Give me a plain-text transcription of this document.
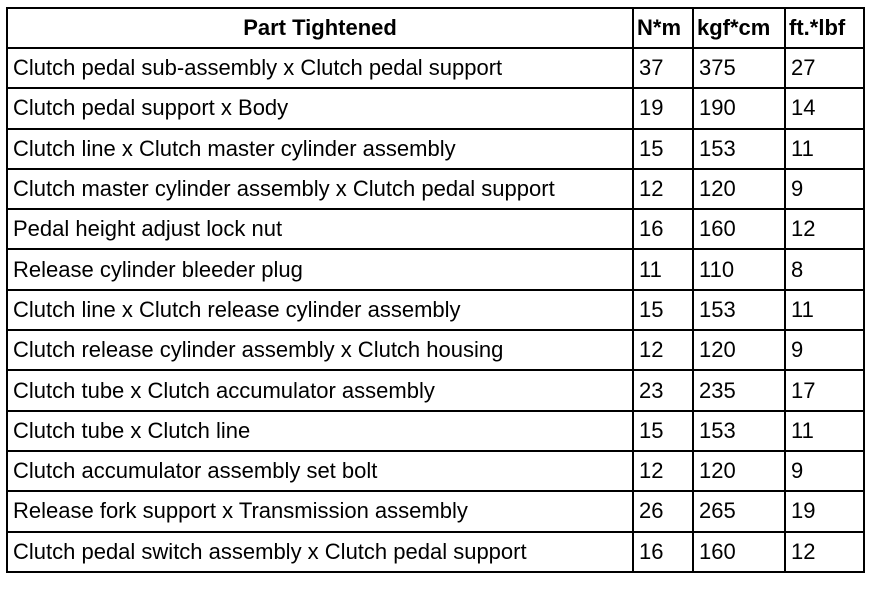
Part Tightened	N*m	kgf*cm	ft.*lbf
Clutch pedal sub-assembly x Clutch pedal support	37	375	27
Clutch pedal support x Body	19	190	14
Clutch line x Clutch master cylinder assembly	15	153	11
Clutch master cylinder assembly x Clutch pedal support	12	120	9
Pedal height adjust lock nut	16	160	12
Release cylinder bleeder plug	11	110	8
Clutch line x Clutch release cylinder assembly	15	153	11
Clutch release cylinder assembly x Clutch housing	12	120	9
Clutch tube x Clutch accumulator assembly	23	235	17
Clutch tube x Clutch line	15	153	11
Clutch accumulator assembly set bolt	12	120	9
Release fork support x Transmission assembly	26	265	19
Clutch pedal switch assembly x Clutch pedal support	16	160	12
